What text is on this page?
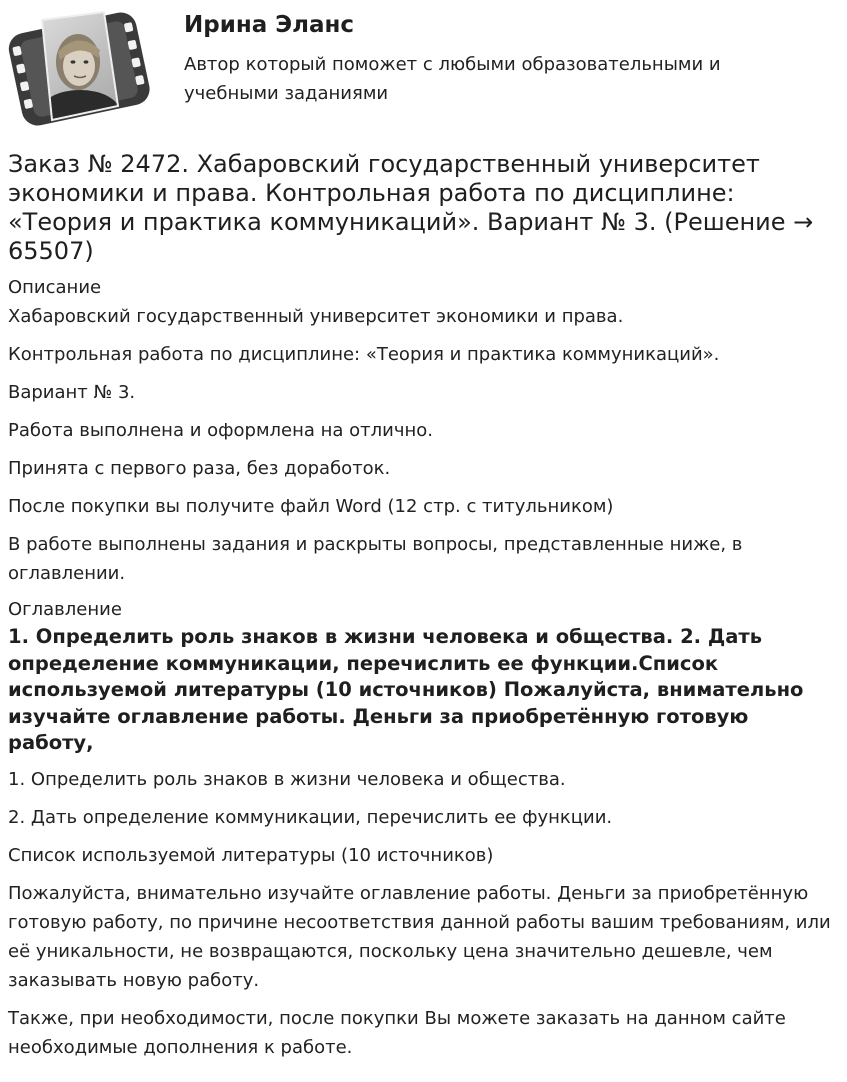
Ирина Эланс
Автор который поможет с любыми образовательными и учебными заданиями
Заказ № 2472. Хабаровский государственный университет экономики и права. Контрольная работа по дисциплине: «Теория и практика коммуникаций». Вариант № 3. (Решение → 65507)
Описание

Хабаровский государственный университет экономики и права.

Контрольная работа по дисциплине: «Теория и практика коммуникаций».

Вариант № 3.

Работа выполнена и оформлена на отлично.

Принята с первого раза, без доработок.

После покупки вы получите файл Word (12 стр. с титульником)

В работе выполнены задания и раскрыты вопросы, представленные ниже, в оглавлении.

Оглавление
1. Определить роль знаков в жизни человека и общества. 2. Дать определение коммуникации, перечислить ее функции.Список используемой литературы (10 источников) Пожалуйста, внимательно изучайте оглавление работы. Деньги за приобретённую готовую работу,

1. Определить роль знаков в жизни человека и общества.

2. Дать определение коммуникации, перечислить ее функции.

Список используемой литературы (10 источников)

Пожалуйста, внимательно изучайте оглавление работы. Деньги за приобретённую готовую работу, по причине несоответствия данной работы вашим требованиям, или её уникальности, не возвращаются, поскольку цена значительно дешевле, чем заказывать новую работу.

Также, при необходимости, после покупки Вы можете заказать на данном сайте необходимые дополнения к работе.
